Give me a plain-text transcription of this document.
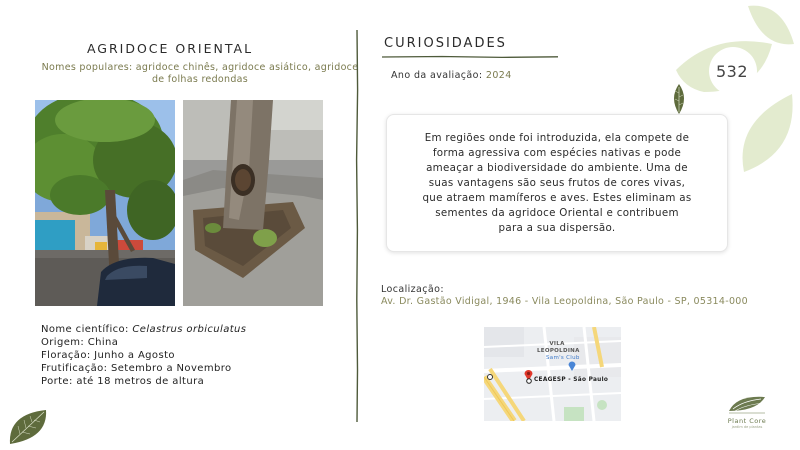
AGRIDOCE ORIENTAL
Nomes populares: agridoce chinês, agridoce asiático, agridoce de folhas redondas
Nome científico: Celastrus orbiculatus
Origem: China
Floração: Junho a Agosto
Frutificação: Setembro a Novembro
Porte: até 18 metros de altura
CURIOSIDADES
Ano da avaliação: 2024
Em regiões onde foi introduzida, ela compete de
forma agressiva com espécies nativas e pode
ameaçar a biodiversidade do ambiente. Uma de
suas vantagens são seus frutos de cores vivas,
que atraem mamíferos e aves. Estes eliminam as
sementes da agridoce Oriental e contribuem
para a sua dispersão.
Localização:
Av. Dr. Gastão Vidigal, 1946 - Vila Leopoldina, São Paulo - SP, 05314-000
VILA
LEOPOLDINA
Sam's Club
CEAGESP - São Paulo
532
Plant Core
jardim de plantas
